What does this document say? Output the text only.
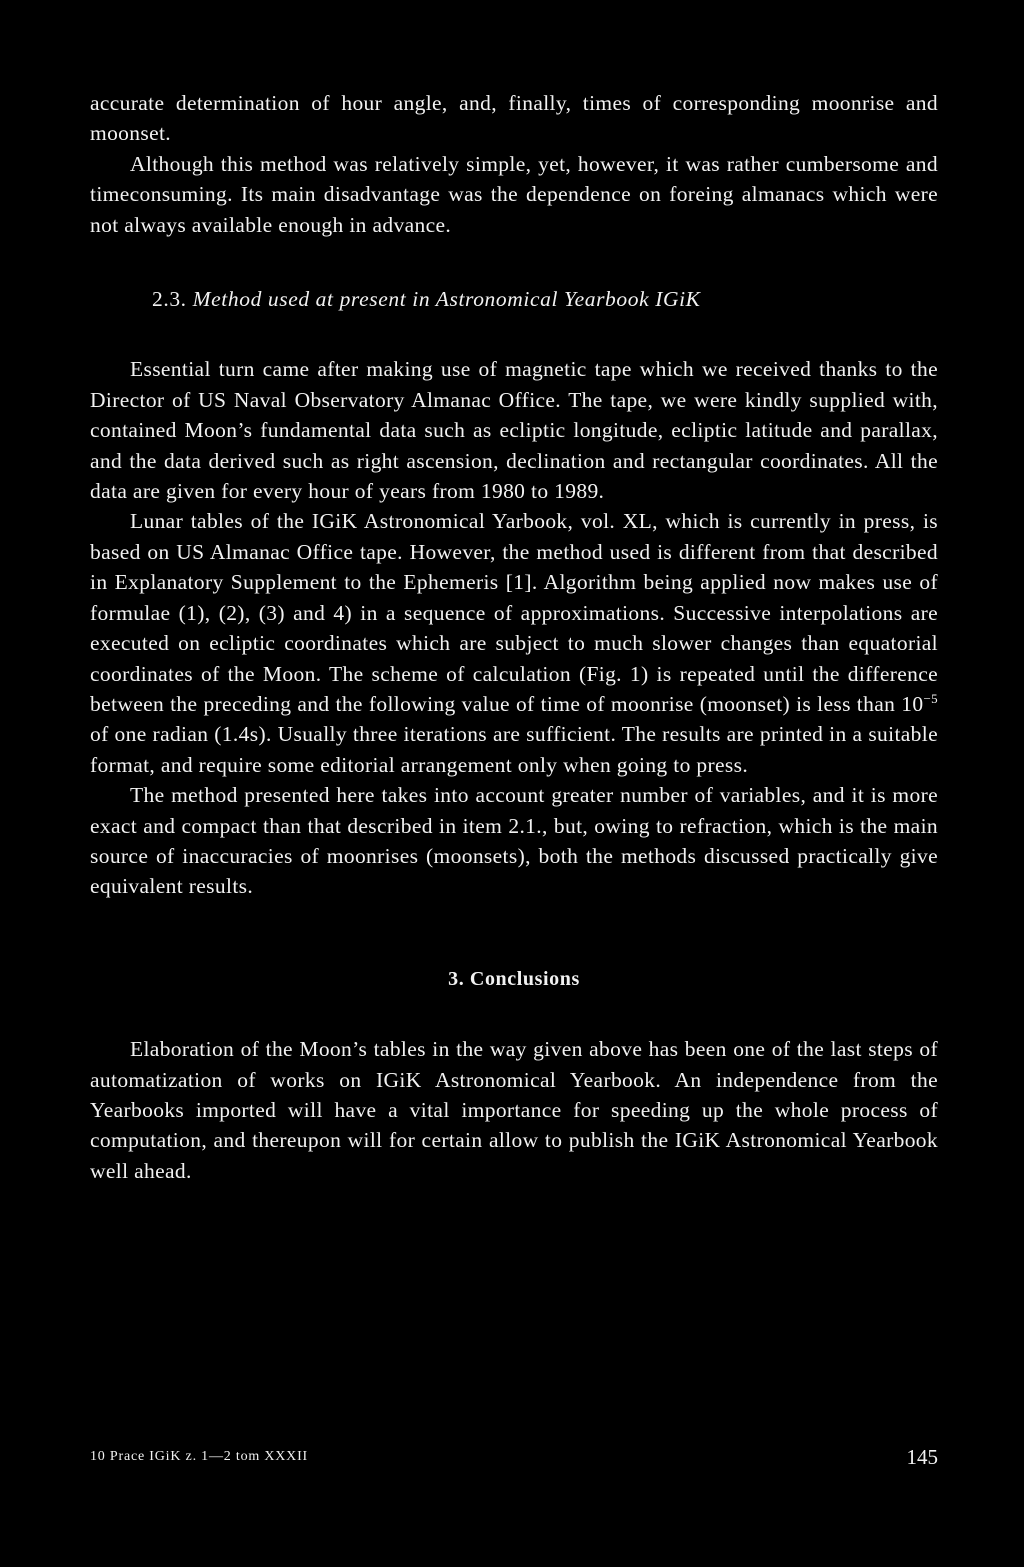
accurate determination of hour angle, and, finally, times of corresponding moonrise and moonset.

Although this method was relatively simple, yet, however, it was rather cumbersome and timeconsuming. Its main disadvantage was the dependence on foreing almanacs which were not always available enough in advance.

2.3. Method used at present in Astronomical Yearbook IGiK

Essential turn came after making use of magnetic tape which we received thanks to the Director of US Naval Observatory Almanac Office. The tape, we were kindly supplied with, contained Moon’s fundamental data such as ecliptic longitude, ecliptic latitude and parallax, and the data derived such as right ascension, declination and rectangular coordinates. All the data are given for every hour of years from 1980 to 1989.

Lunar tables of the IGiK Astronomical Yarbook, vol. XL, which is currently in press, is based on US Almanac Office tape. However, the method used is different from that described in Explanatory Supplement to the Ephemeris [1]. Algorithm being applied now makes use of formulae (1), (2), (3) and 4) in a sequence of approximations. Successive interpolations are executed on ecliptic coordinates which are subject to much slower changes than equatorial coordinates of the Moon. The scheme of calculation (Fig. 1) is repeated until the difference between the preceding and the following value of time of moonrise (moonset) is less than $10^{-5}$ of one radian (1.4s). Usually three iterations are sufficient. The results are printed in a suitable format, and require some editorial arrangement only when going to press.

The method presented here takes into account greater number of variables, and it is more exact and compact than that described in item 2.1., but, owing to refraction, which is the main source of inaccuracies of moonrises (moonsets), both the methods discussed practically give equivalent results.

3. Conclusions

Elaboration of the Moon’s tables in the way given above has been one of the last steps of automatization of works on IGiK Astronomical Yearbook. An independence from the Yearbooks imported will have a vital importance for speeding up the whole process of computation, and thereupon will for certain allow to publish the IGiK Astronomical Yearbook well ahead.

10 Prace IGiK z. 1—2 tom XXXII	145
